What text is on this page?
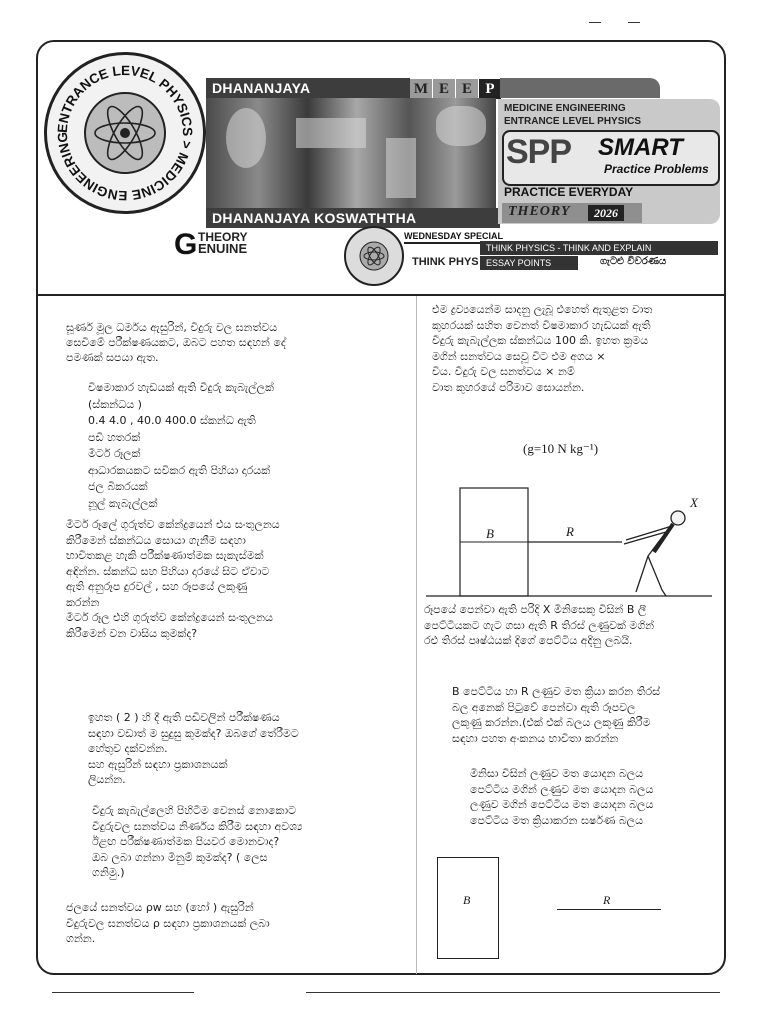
ENTRANCE LEVEL PHYSICS > MEDICINE ENGINEERING
DHANANJAYA	M E E P
DHANANJAYA KOSWATHTHA
MEDICINE ENGINEERING
ENTRANCE LEVEL PHYSICS
SPP SMART
Practice Problems
PRACTICE EVERYDAY
THEORY	2026
G THEORY
ENUINE
WEDNESDAY SPECIAL
THINK PHYSICS - THINK AND EXPLAIN
ESSAY POINTS	ගැටළු විවරණය
THINK PHYS
සූර්ණ මූල ධර්මය ඇසුරින්, වීදුරු වල ඝනත්වය
සෙවීමේ පරීක්ෂණයකට, ඔබට පහත සඳහන් දේ
පමණක් සපයා ඇත.
විෂමාකාර හැඩයක් ඇති වීදුරු කැබැල්ලක්
(ස්කන්ධය )
0.4 4.0 , 40.0 400.0 ස්කන්ධ ඇති
පඩි හතරක්
මීටර් රූලක්
ආධාරකයකට සවිකර ඇති පිහියා දාරයක්
ජල බීකරයක්
නූල් කැබැල්ලක්
මීටර් රූලේ ගුරුත්ව කේන්ද්‍රයෙන් එය සංතුලනය
කිරීමෙන් ස්කන්ධය සොයා ගැනීම සඳහා
භාවිතකළ හැකි පරීක්ෂණාත්මක සැකැස්මක්
අඳින්න. ස්කන්ධ සහ පිහියා දාරයේ සිට ඒවාට
ඇති අනුරූප දුරවල් , සහ රූපයේ ලකුණු
කරන්න
මීටර් රූල එහි ගුරුත්ව කේන්ද්‍රයෙන් සංතුලනය
කිරීමෙන් වන වාසිය කුමක්ද?
ඉහත ( 2 ) හි දී ඇති පඩිවලින් පරීක්ෂණය
සඳහා වඩාත් ම සුදුසු කුමක්ද? ඔබගේ තේරීමට
හේතුව දක්වන්න.
සහ ඇසුරින් සඳහා ප්‍රකාශනයක්
ලියන්න.
වීදුරු කැබැල්ලෙහි පිහිටීම වෙනස් නොකොට
වීදුරුවල ඝනත්වය නිර්ණය කිරීම සඳහා අවශ්‍ය
ඊළඟ පරීක්ෂණාත්මක පියවර මොනවාද?
ඔබ ලබා ගන්නා මිනුම් කුමක්ද? ( ලෙස
ගනිමු.)
ජලයේ ඝනත්වය ρw සහ (හෝ ) ඇසුරින්
වීදුරුවල ඝනත්වය ρ සඳහා ප්‍රකාශනයක් ලබා
ගන්න.
එම ද්‍රව්‍යයෙන්ම සාදනු ලැබූ එහෙත් ඇතුළත වාත
කුහරයක් සහිත වෙනත් විෂමාකාර හැඩයක් ඇති
වීදුරු කැබැල්ලක ස්කන්ධය 100 කි. ඉහත ක්‍රමය
මගින් ඝනත්වය සෙවූ විට එම අගය ×
විය. වීදුරු වල ඝනත්වය × නම්
වාත කුහරයේ පරිමාව සොයන්න.
(g=10 N kg⁻¹)
B	R
X
රූපයේ පෙන්වා ඇති පරිදි X මිනිසෙකු විසින් B ලී
පෙට්ටියකට ගැට ගසා ඇති R තිරස් ලණුවක් මගින්
රළු තිරස් පෘෂ්ඨයක් දිගේ පෙට්ටිය අදිනු ලබයි.
B පෙට්ටිය හා R ලණුව මත ක්‍රියා කරන තිරස්
බල අනෙක් පිටුවේ පෙන්වා ඇති රූපවල
ලකුණු කරන්න.(එක් එක් බලය ලකුණු කිරීම
සඳහා පහත අංකනය භාවිතා කරන්න
මිනිසා විසින් ලණුව මත යොදන බලය
පෙට්ටිය මගින් ලණුව මත යොදන බලය
ලණුව මගින් පෙට්ටිය මත යොදන බලය
පෙට්ටිය මත ක්‍රියාකරන ඝර්ෂණ බලය
B	R
